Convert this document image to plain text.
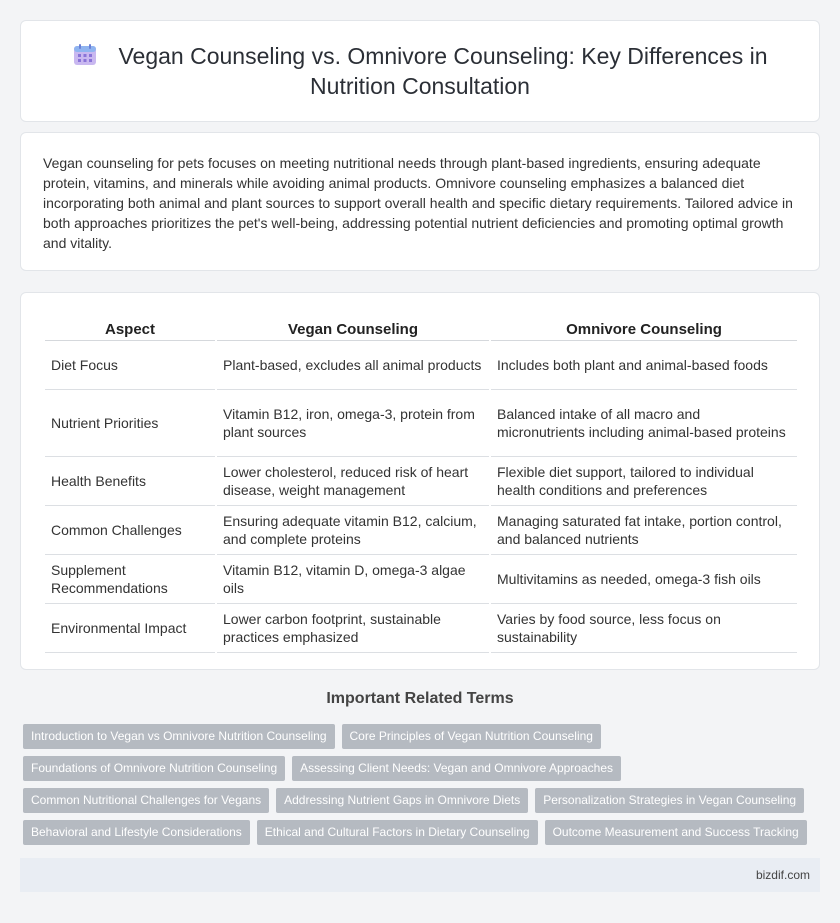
Vegan Counseling vs. Omnivore Counseling: Key Differences in Nutrition Consultation

Vegan counseling for pets focuses on meeting nutritional needs through plant-based ingredients, ensuring adequate protein, vitamins, and minerals while avoiding animal products. Omnivore counseling emphasizes a balanced diet incorporating both animal and plant sources to support overall health and specific dietary requirements. Tailored advice in both approaches prioritizes the pet's well-being, addressing potential nutrient deficiencies and promoting optimal growth and vitality.

Aspect	Vegan Counseling	Omnivore Counseling
Diet Focus	Plant-based, excludes all animal products	Includes both plant and animal-based foods
Nutrient Priorities	Vitamin B12, iron, omega-3, protein from plant sources	Balanced intake of all macro and micronutrients including animal-based proteins
Health Benefits	Lower cholesterol, reduced risk of heart disease, weight management	Flexible diet support, tailored to individual health conditions and preferences
Common Challenges	Ensuring adequate vitamin B12, calcium, and complete proteins	Managing saturated fat intake, portion control, and balanced nutrients
Supplement Recommendations	Vitamin B12, vitamin D, omega-3 algae oils	Multivitamins as needed, omega-3 fish oils
Environmental Impact	Lower carbon footprint, sustainable practices emphasized	Varies by food source, less focus on sustainability
Important Related Terms
Introduction to Vegan vs Omnivore Nutrition Counseling	Core Principles of Vegan Nutrition Counseling
Foundations of Omnivore Nutrition Counseling	Assessing Client Needs: Vegan and Omnivore Approaches
Common Nutritional Challenges for Vegans	Addressing Nutrient Gaps in Omnivore Diets	Personalization Strategies in Vegan Counseling
Behavioral and Lifestyle Considerations	Ethical and Cultural Factors in Dietary Counseling	Outcome Measurement and Success Tracking
bizdif.com
